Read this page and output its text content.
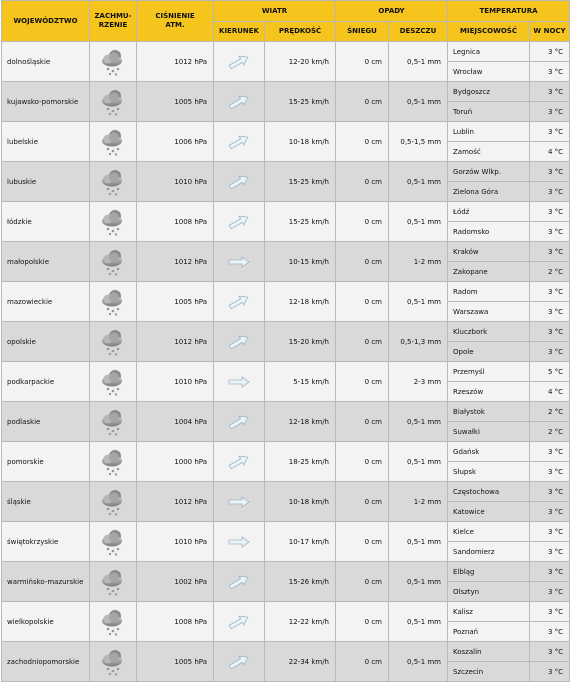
WOJEWÓDZTWO	ZACHMU-
RZENIE	CIŚNIENIE
ATM.	WIATR		OPADY		TEMPERATURA	
			KIERUNEK	PRĘDKOŚĆ	ŚNIEGU	DESZCZU	MIEJSCOWOŚĆ	W NOCY
dolnośląskie		1012 hPa		12-20 km/h	0 cm	0,5-1 mm	Legnica	3 °C
							Wrocław	3 °C
kujawsko-pomorskie		1005 hPa		15-25 km/h	0 cm	0,5-1 mm	Bydgoszcz	3 °C
							Toruń	3 °C
lubelskie		1006 hPa		10-18 km/h	0 cm	0,5-1,5 mm	Lublin	3 °C
							Zamość	4 °C
lubuskie		1010 hPa		15-25 km/h	0 cm	0,5-1 mm	Gorzów Wlkp.	3 °C
							Zielona Góra	3 °C
łódzkie		1008 hPa		15-25 km/h	0 cm	0,5-1 mm	Łódź	3 °C
							Radomsko	3 °C
małopolskie		1012 hPa		10-15 km/h	0 cm	1-2 mm	Kraków	3 °C
							Zakopane	2 °C
mazowieckie		1005 hPa		12-18 km/h	0 cm	0,5-1 mm	Radom	3 °C
							Warszawa	3 °C
opolskie		1012 hPa		15-20 km/h	0 cm	0,5-1,3 mm	Kluczbork	3 °C
							Opole	3 °C
podkarpackie		1010 hPa		5-15 km/h	0 cm	2-3 mm	Przemyśl	5 °C
							Rzeszów	4 °C
podlaskie		1004 hPa		12-18 km/h	0 cm	0,5-1 mm	Białystok	2 °C
							Suwałki	2 °C
pomorskie		1000 hPa		18-25 km/h	0 cm	0,5-1 mm	Gdańsk	3 °C
							Słupsk	3 °C
śląskie		1012 hPa		10-18 km/h	0 cm	1-2 mm	Częstochowa	3 °C
							Katowice	3 °C
świętokrzyskie		1010 hPa		10-17 km/h	0 cm	0,5-1 mm	Kielce	3 °C
							Sandomierz	3 °C
warmińsko-mazurskie		1002 hPa		15-26 km/h	0 cm	0,5-1 mm	Elbląg	3 °C
							Olsztyn	3 °C
wielkopolskie		1008 hPa		12-22 km/h	0 cm	0,5-1 mm	Kalisz	3 °C
							Poznań	3 °C
zachodniopomorskie		1005 hPa		22-34 km/h	0 cm	0,5-1 mm	Koszalin	3 °C
							Szczecin	3 °C
